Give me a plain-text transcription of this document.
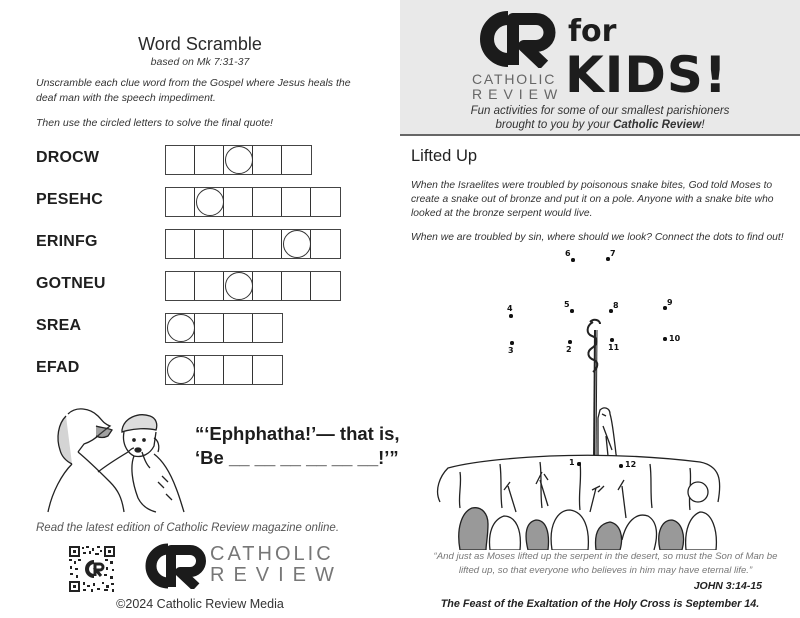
Word Scramble
based on Mk 7:31-37
Unscramble each clue word from the Gospel where Jesus heals the deaf man with the speech impediment.
Then use the circled letters to solve the final quote!
DROCW
PESEHC
ERINFG
GOTNEU
SREA
EFAD
“‘Ephphatha!’— that is,
‘Be __ __ __ __ __ __!’”
Read the latest edition of Catholic Review magazine online.
CATHOLIC
REVIEW
©2024 Catholic Review Media
CATHOLIC
REVIEW
for
KIDS!
Fun activities for some of our smallest parishioners
brought to you by your Catholic Review!
Lifted Up
When the Israelites were troubled by poisonous snake bites, God told Moses to create a snake out of bronze and put it on a pole. Anyone with a snake bite who looked at the bronze serpent would live.
When we are troubled by sin, where should we look? Connect the dots to find out!
1
2
3
4	5
6	7
8	9
10
11
12
“And just as Moses lifted up the serpent in the desert, so must the Son of Man be lifted up, so that everyone who believes in him may have eternal life.”
JOHN 3:14-15
The Feast of the Exaltation of the Holy Cross is September 14.
